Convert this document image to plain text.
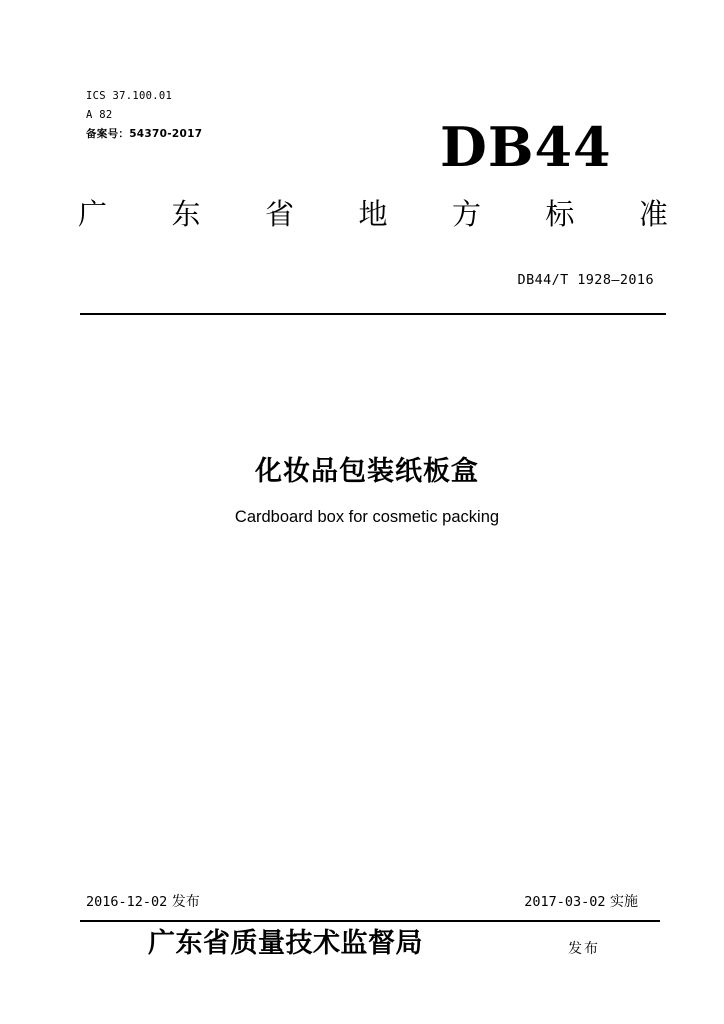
ICS 37.100.01
A 82
备案号：54370-2017	DB44
广 东 省 地 方 标 准
DB44/T 1928—2016
化妆品包装纸板盒
Cardboard box for cosmetic packing
2016-12-02 发布	2017-03-02 实施
广东省质量技术监督局	发布
